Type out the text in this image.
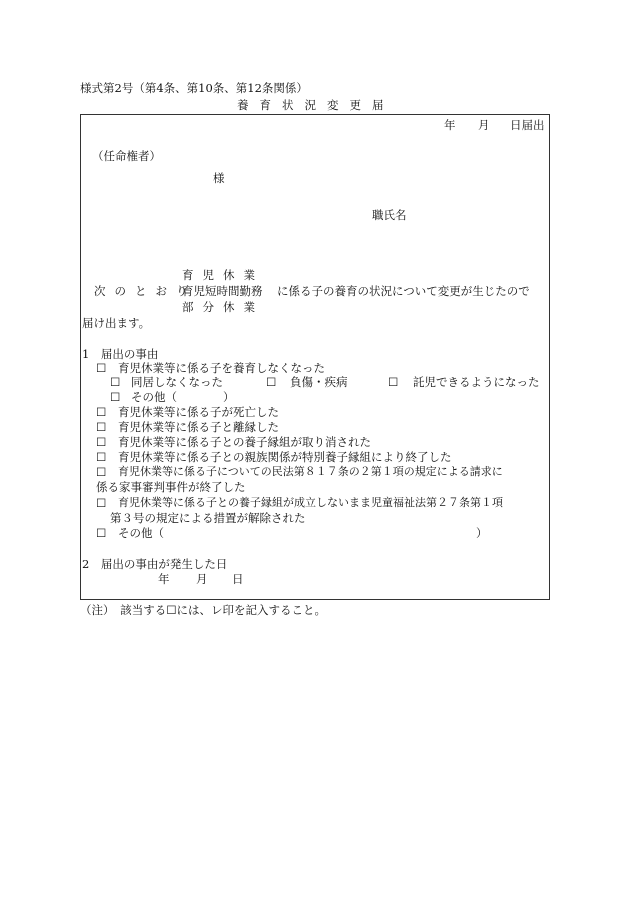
様式第2号（第4条、第10条、第12条関係）
養育状況変更届
年 月 日届出
（任命権者）
様
職氏名
育児休業
次のとおり
育児短時間勤務 に係る子の養育の状況について変更が生じたので
部分休業
届け出ます。
1　届出の事由
☐ 育児休業等に係る子を養育しなくなった
☐ 同居しなくなった	☐ 負傷・疾病	☐ 託児できるようになった
☐ その他（　　　　）
☐ 育児休業等に係る子が死亡した
☐ 育児休業等に係る子と離縁した
☐ 育児休業等に係る子との養子縁組が取り消された
☐ 育児休業等に係る子との親族関係が特別養子縁組により終了した
☐ 育児休業等に係る子についての民法第８１７条の２第１項の規定による請求に
係る家事審判事件が終了した
☐ 育児休業等に係る子との養子縁組が成立しないまま児童福祉法第２７条第１項
第３号の規定による措置が解除された
☐ その他（	）
2　届出の事由が発生した日
年 月 日
（注）　該当する☐には、レ印を記入すること。
